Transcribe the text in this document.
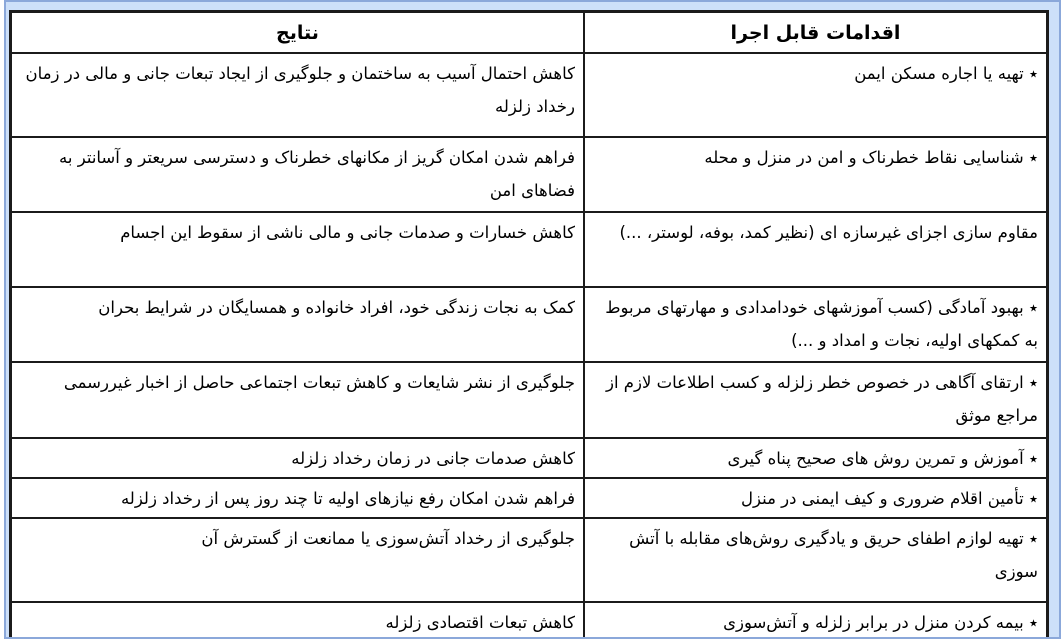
اقدامات قابل اجرا	نتایج
٭ تهیه یا اجاره مسکن ایمن	کاهش احتمال آسیب به ساختمان و جلوگیری از ایجاد تبعات جانی و مالی در زمان رخداد زلزله
٭ شناسایی نقاط خطرناک و امن در منزل و محله	فراهم شدن امکان گریز از مکانهای خطرناک و دسترسی سریعتر و آسانتر به فضاهای امن
مقاوم سازی اجزای غیرسازه ای (نظیر کمد، بوفه، لوستر، ...)	کاهش خسارات و صدمات جانی و مالی ناشی از سقوط این اجسام
٭ بهبود آمادگی (کسب آموزشهای خودامدادی و مهارتهای مربوط به کمکهای اولیه، نجات و امداد و ...)	کمک به نجات زندگی خود، افراد خانواده و همسایگان در شرایط بحران
٭ ارتقای آگاهی در خصوص خطر زلزله و کسب اطلاعات لازم از مراجع موثق	جلوگیری از نشر شایعات و کاهش تبعات اجتماعی حاصل از اخبار غیررسمی
٭ آموزش و تمرین روش های صحیح پناه گیری	کاهش صدمات جانی در زمان رخداد زلزله
٭ تأمین اقلام ضروری و کیف ایمنی در منزل	فراهم شدن امکان رفع نیازهای اولیه تا چند روز پس از رخداد زلزله
٭ تهیه لوازم اطفای حریق و یادگیری روش‌های مقابله با آتش سوزی	جلوگیری از رخداد آتش‌سوزی یا ممانعت از گسترش آن
٭ بیمه کردن منزل در برابر زلزله و آتش‌سوزی	کاهش تبعات اقتصادی زلزله
